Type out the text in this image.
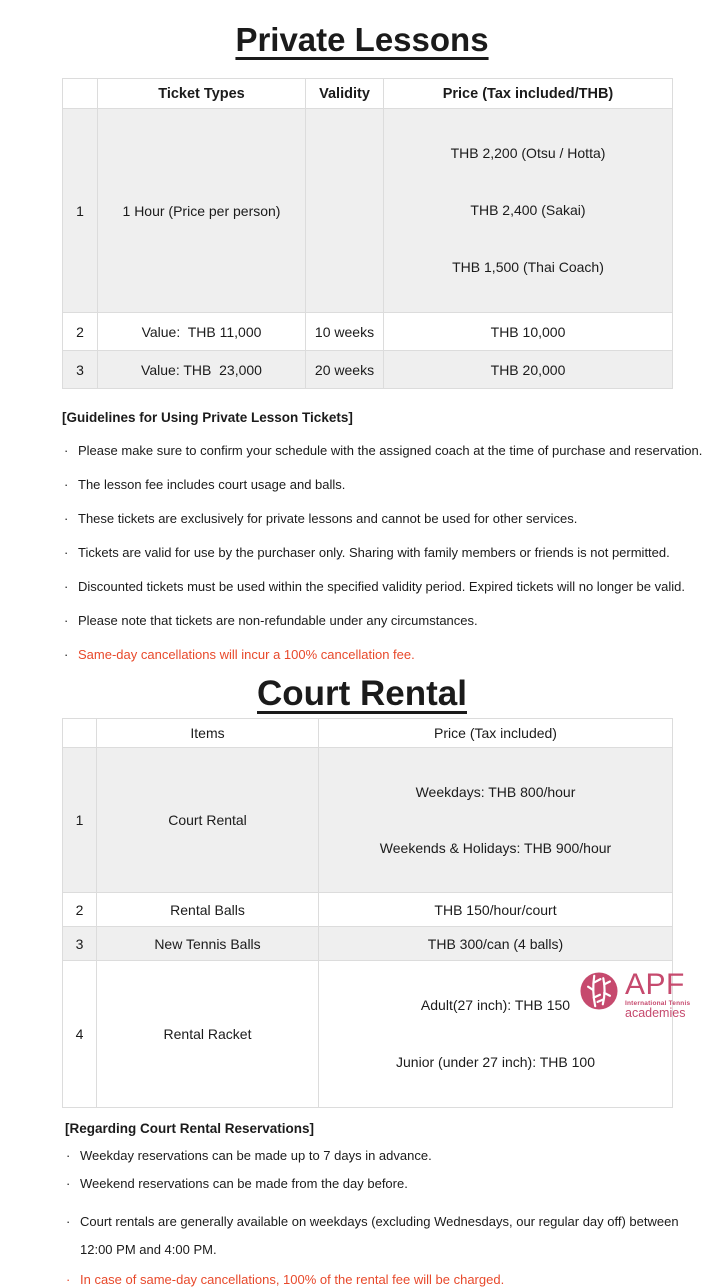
Private Lessons
	Ticket Types	Validity	Price (Tax included/THB)
1	1 Hour (Price per person)		THB 2,200 (Otsu / Hotta)

THB 2,400 (Sakai)

THB 1,500 (Thai Coach)

2	Value:  THB 11,000	10 weeks	THB 10,000
3	Value: THB  23,000	20 weeks	THB 20,000
[Guidelines for Using Private Lesson Tickets]
· Please make sure to confirm your schedule with the assigned coach at the time of purchase and reservation.
· The lesson fee includes court usage and balls.
· These tickets are exclusively for private lessons and cannot be used for other services.
· Tickets are valid for use by the purchaser only. Sharing with family members or friends is not permitted.
· Discounted tickets must be used within the specified validity period. Expired tickets will no longer be valid.
· Please note that tickets are non-refundable under any circumstances.
· Same-day cancellations will incur a 100% cancellation fee.
Court Rental
	Items	Price (Tax included)
1	Court Rental	Weekdays: THB 800/hour

Weekends & Holidays: THB 900/hour

2	Rental Balls	THB 150/hour/court
3	New Tennis Balls	THB 300/can (4 balls)
4	Rental Racket	Adult(27 inch): THB 150

Junior (under 27 inch): THB 100

[Regarding Court Rental Reservations]
· Weekday reservations can be made up to 7 days in advance.
· Weekend reservations can be made from the day before.
· Court rentals are generally available on weekdays (excluding Wednesdays, our regular day off) between
12:00 PM and 4:00 PM.
· In case of same-day cancellations, 100% of the rental fee will be charged.
APF
International Tennis
academies
